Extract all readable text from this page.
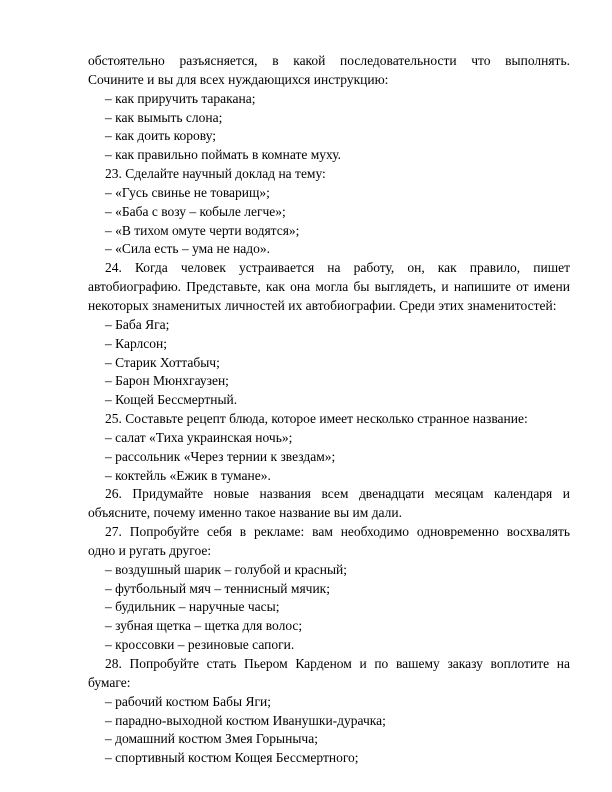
обстоятельно разъясняется, в какой последовательности что выполнять.
Сочините и вы для всех нуждающихся инструкцию:
– как приручить таракана;
– как вымыть слона;
– как доить корову;
– как правильно поймать в комнате муху.
23. Сделайте научный доклад на тему:
– «Гусь свинье не товарищ»;
– «Баба с возу – кобыле легче»;
– «В тихом омуте черти водятся»;
– «Сила есть – ума не надо».
24. Когда человек устраивается на работу, он, как правило, пишет
автобиографию. Представьте, как она могла бы выглядеть, и напишите от имени
некоторых знаменитых личностей их автобиографии. Среди этих знаменитостей:
– Баба Яга;
– Карлсон;
– Старик Хоттабыч;
– Барон Мюнхгаузен;
– Кощей Бессмертный.
25. Составьте рецепт блюда, которое имеет несколько странное название:
– салат «Тиха украинская ночь»;
– рассольник «Через тернии к звездам»;
– коктейль «Ежик в тумане».
26. Придумайте новые названия всем двенадцати месяцам календаря и
объясните, почему именно такое название вы им дали.
27. Попробуйте себя в рекламе: вам необходимо одновременно восхвалять
одно и ругать другое:
– воздушный шарик – голубой и красный;
– футбольный мяч – теннисный мячик;
– будильник – наручные часы;
– зубная щетка – щетка для волос;
– кроссовки – резиновые сапоги.
28. Попробуйте стать Пьером Карденом и по вашему заказу воплотите на
бумаге:
– рабочий костюм Бабы Яги;
– парадно-выходной костюм Иванушки-дурачка;
– домашний костюм Змея Горыныча;
– спортивный костюм Кощея Бессмертного;
